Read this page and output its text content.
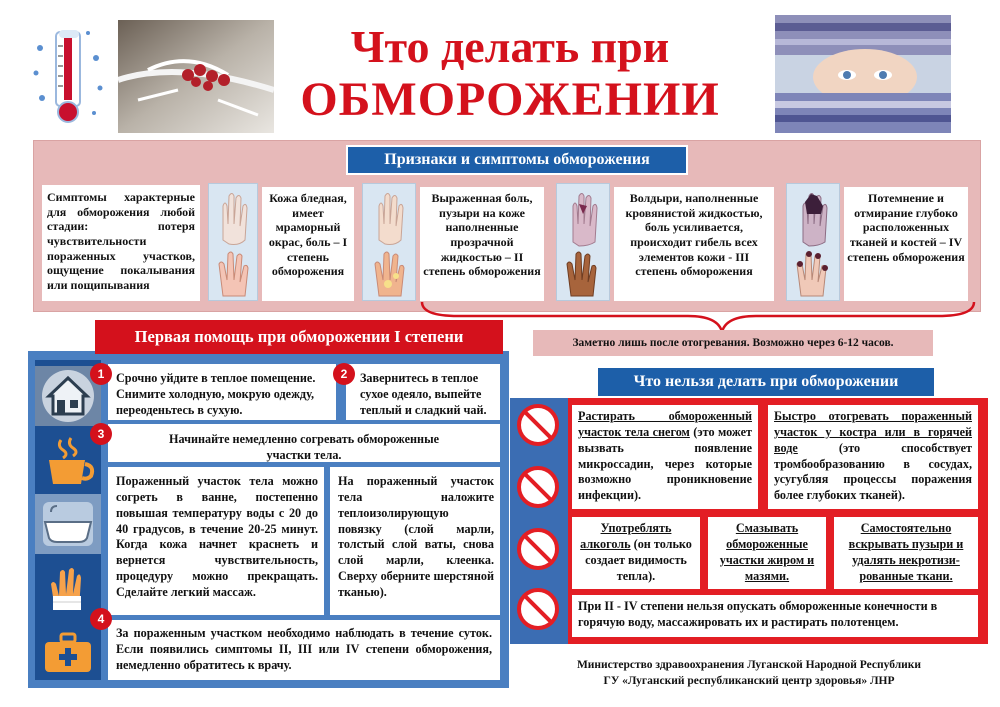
Что делать при
ОБМОРОЖЕНИИ
Признаки и симптомы обморожения
Симптомы характерные для обморожения любой стадии: потеря чувствительности пораженных участков, ощущение покалывания или пощипывания
Кожа бледная, имеет мраморный окрас, боль – I степень обморожения
Выраженная боль, пузыри на коже наполненные прозрачной жидкостью – II степень обморожения
Волдыри, наполненные кровянистой жидкостью, боль усиливается, происходит гибель всех элементов кожи - III степень обморожения
Потемнение и отмирание глубоко расположенных тканей и костей – IV степень обморожения
Заметно лишь после отогревания. Возможно через 6-12 часов.
Первая помощь при обморожении I степени
Срочно уйдите в теплое помещение. Снимите холодную, мокрую одежду, переоденьтесь в сухую.
1	Завернитесь в теплое сухое одеяло, выпейте теплый и сладкий чай.
2
Начинайте немедленно согревать обмороженные участки тела.
3
Пораженный участок тела можно согреть в ванне, постепенно повышая температуру воды с 20 до 40 градусов, в течение 20-25 минут. Когда кожа начнет краснеть и вернется чувствительность, процедуру можно прекращать. Сделайте легкий массаж.
На пораженный участок тела наложите теплоизолирующую повязку (слой марли, толстый слой ваты, снова слой марли, клеенка. Сверху оберните шерстяной тканью).
За пораженным участком необходимо наблюдать в течение суток. Если появились симптомы II, III или IV степени обморожения, немедленно обратитесь к врачу.
4
Что нельзя делать при обморожении
Растирать обмороженный участок тела снегом (это может вызвать появление микроссадин, через которые возможно проникновение инфекции).
Быстро отогревать пораженный участок у костра или в горячей воде (это способствует тромбообразованию в сосудах, усугубляя процессы поражения более глубоких тканей).
Употреблять алкоголь (он только создает видимость тепла).
Смазывать обмороженные участки жиром и мазями.
Самостоятельно вскрывать пузыри и удалять некротизи-рованные ткани.
При II - IV степени нельзя опускать обмороженные конечности в горячую воду, массажировать их и растирать полотенцем.
Министерство здравоохранения Луганской Народной Республики
ГУ «Луганский республиканский центр здоровья» ЛНР
